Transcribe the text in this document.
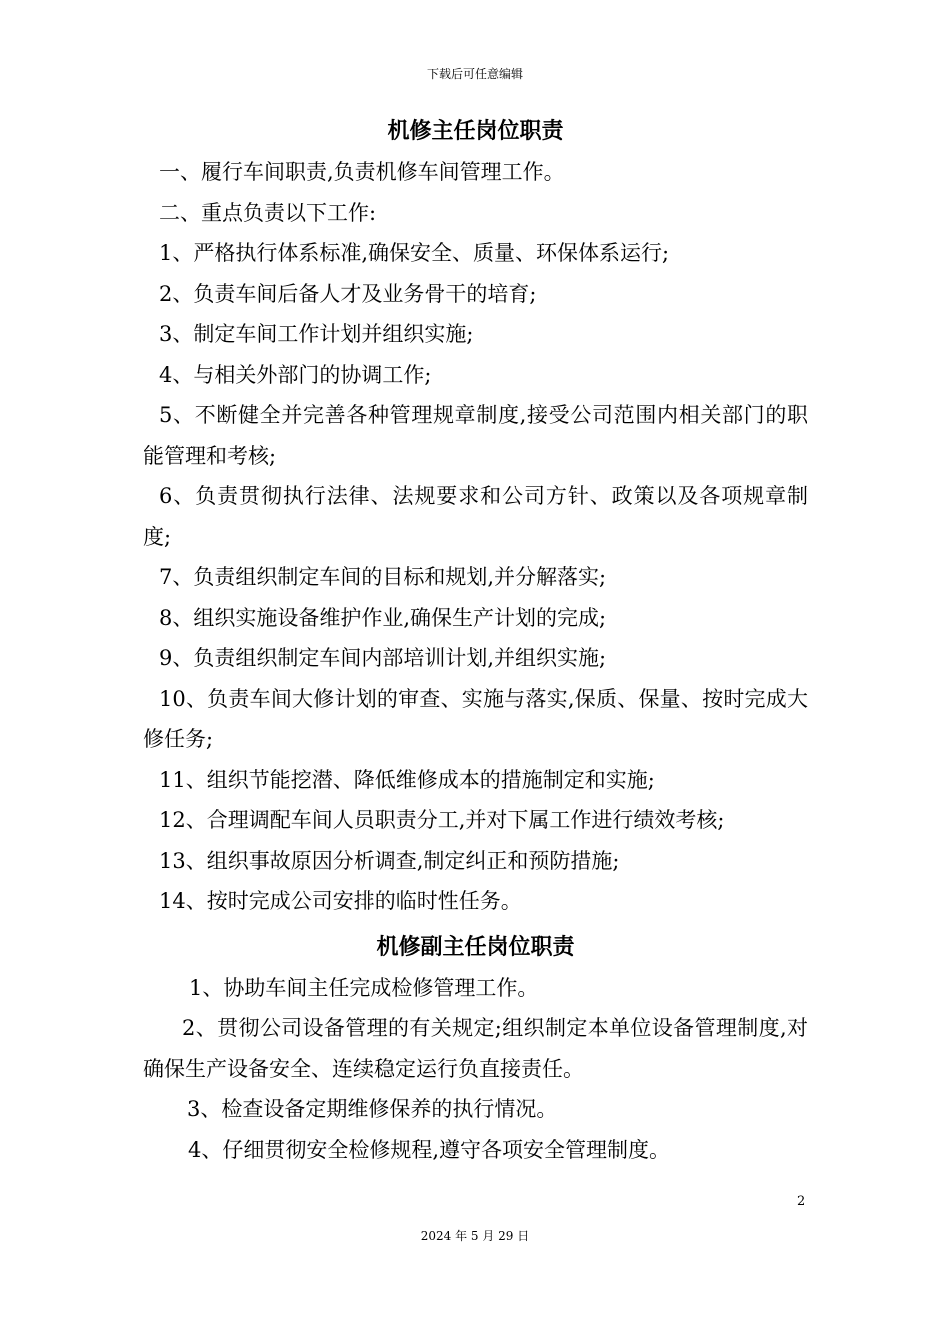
下载后可任意编辑
机修主任岗位职责

一、履行车间职责,负责机修车间管理工作。

二、重点负责以下工作:

1、严格执行体系标准,确保安全、质量、环保体系运行;

2、负责车间后备人才及业务骨干的培育;

3、制定车间工作计划并组织实施;

4、与相关外部门的协调工作;

5、不断健全并完善各种管理规章制度,接受公司范围内相关部门的职能管理和考核;

6、负责贯彻执行法律、法规要求和公司方针、政策以及各项规章制度;

7、负责组织制定车间的目标和规划,并分解落实;

8、组织实施设备维护作业,确保生产计划的完成;

9、负责组织制定车间内部培训计划,并组织实施;

10、负责车间大修计划的审查、实施与落实,保质、保量、按时完成大修任务;

11、组织节能挖潜、降低维修成本的措施制定和实施;

12、合理调配车间人员职责分工,并对下属工作进行绩效考核;

13、组织事故原因分析调查,制定纠正和预防措施;

14、按时完成公司安排的临时性任务。

机修副主任岗位职责

1、协助车间主任完成检修管理工作。

2、贯彻公司设备管理的有关规定;组织制定本单位设备管理制度,对确保生产设备安全、连续稳定运行负直接责任。

3、检查设备定期维修保养的执行情况。

4、仔细贯彻安全检修规程,遵守各项安全管理制度。

2
2024 年 5 月 29 日
